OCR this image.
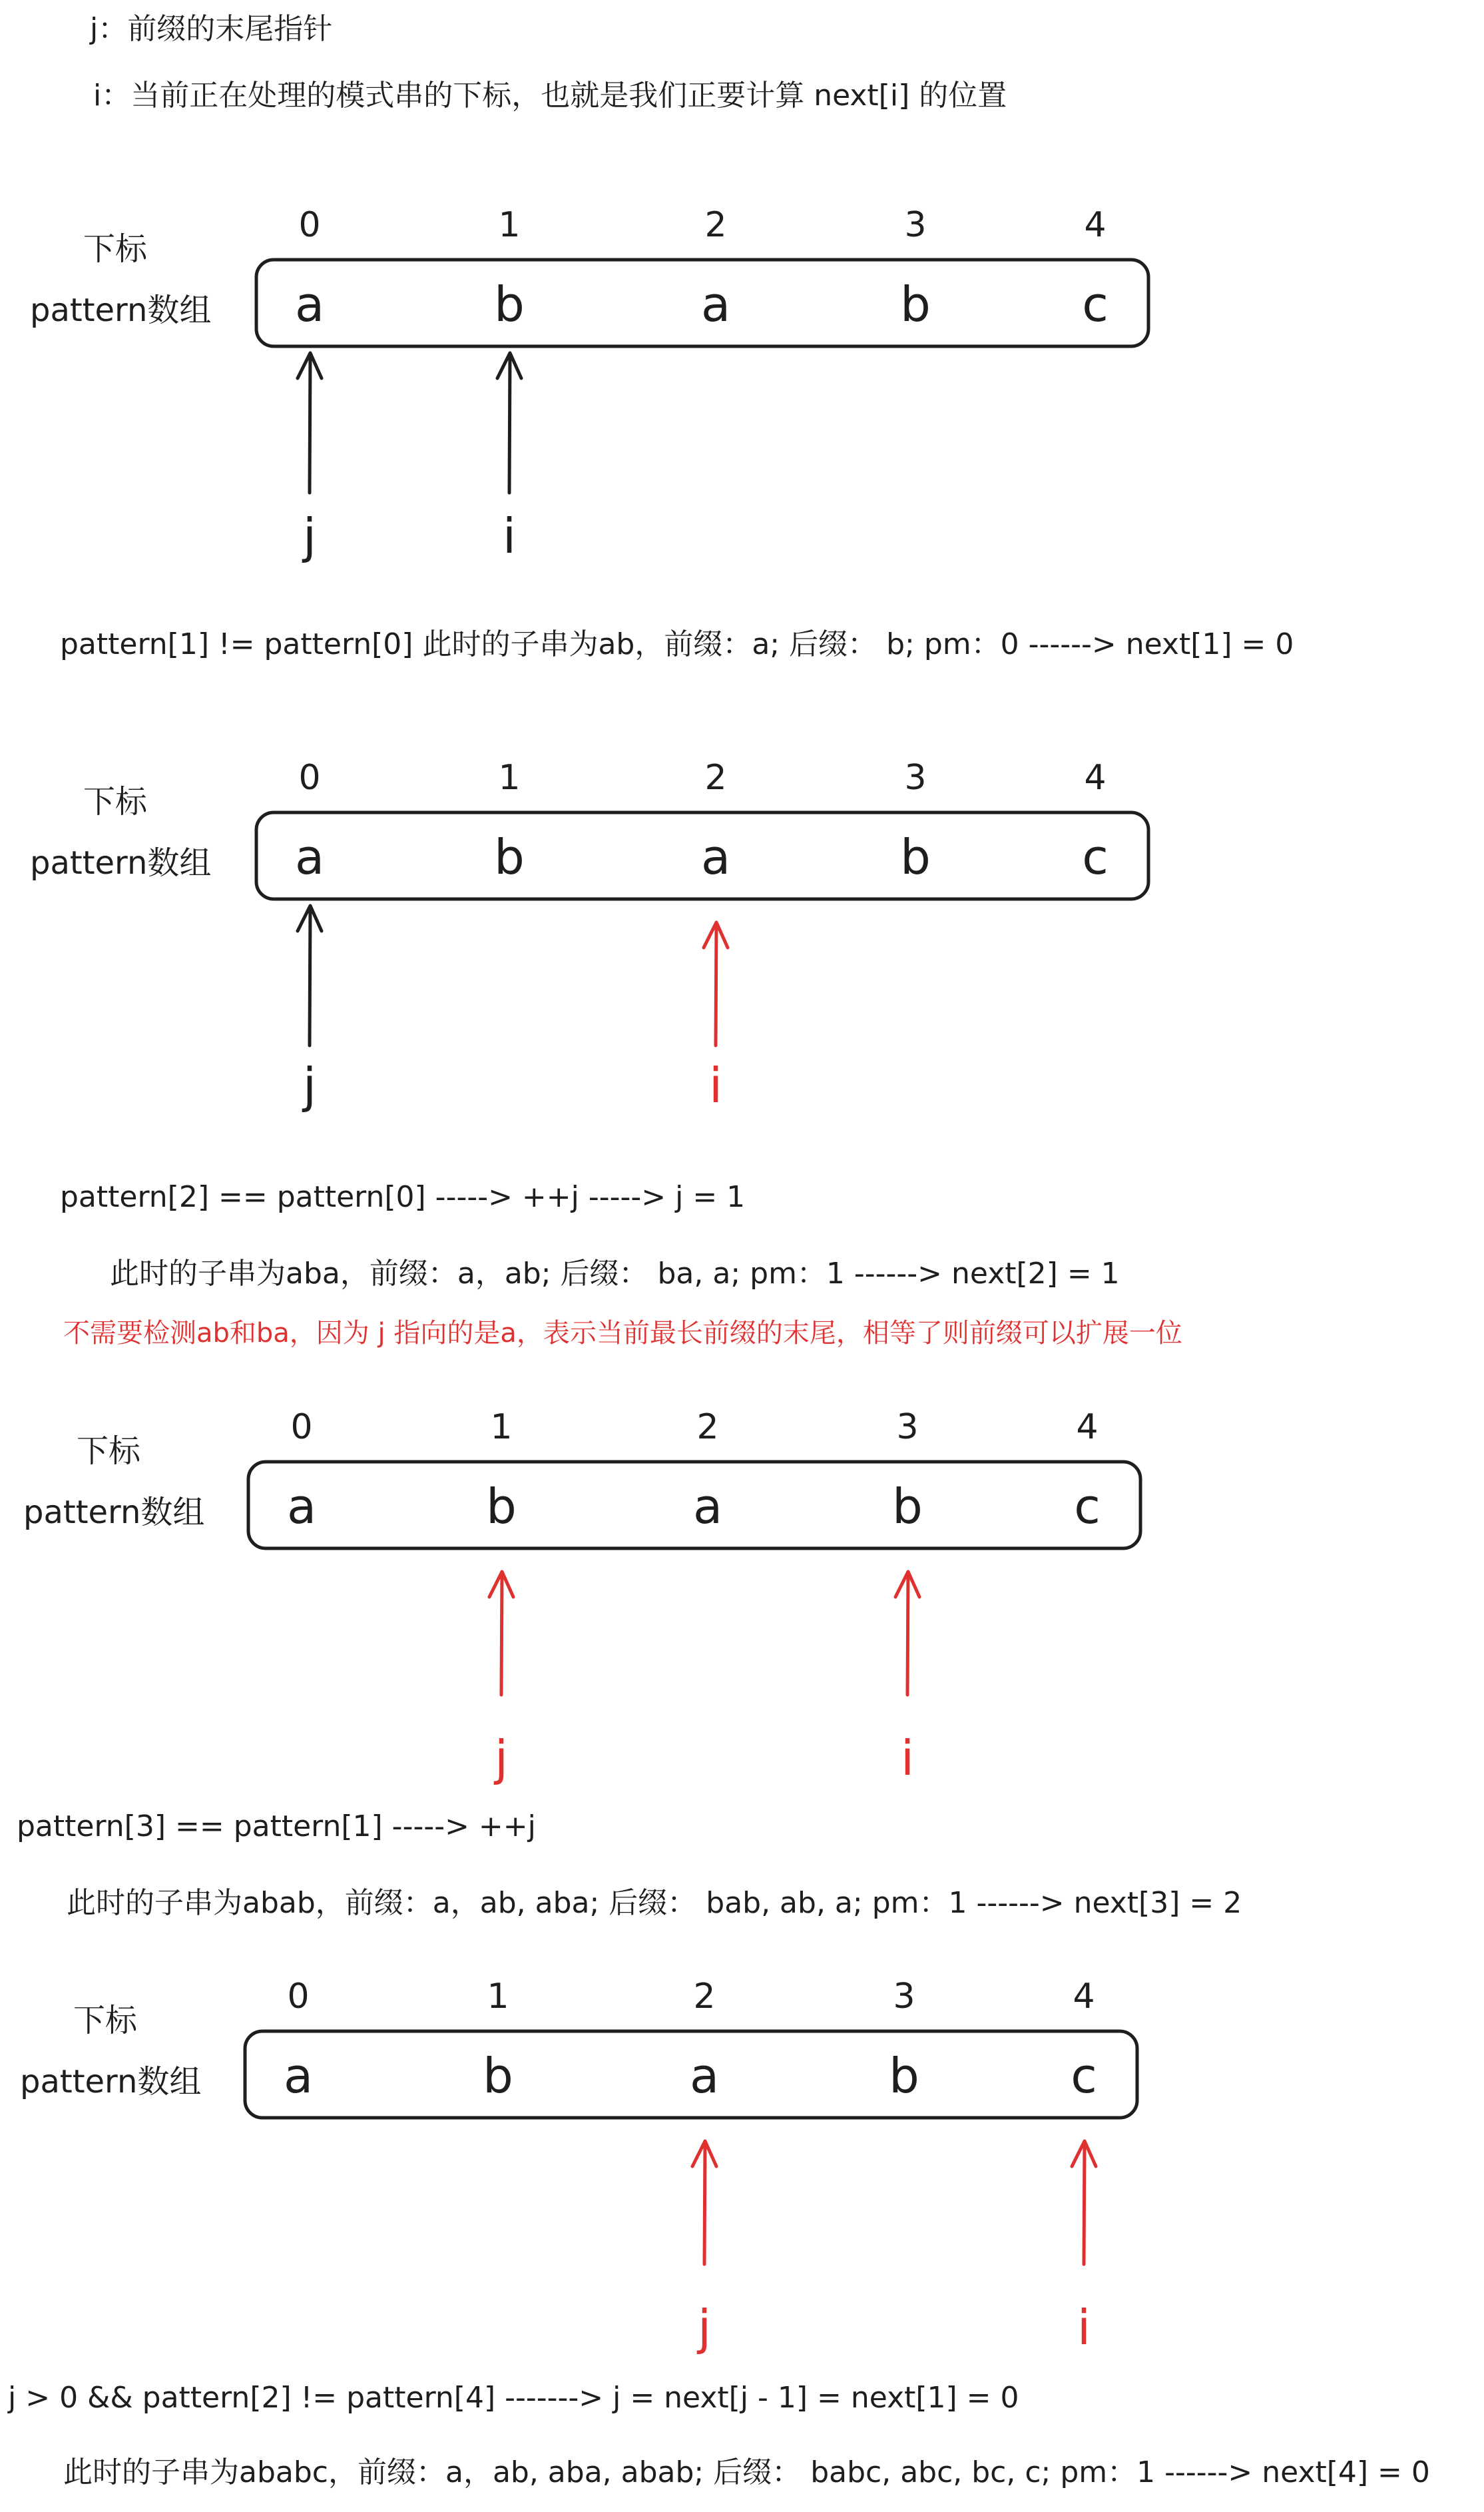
j：前缀的末尾指针
i：当前正在处理的模式串的下标，也就是我们正要计算 next[i] 的位置
下标
pattern数组
0	1	2	3	4
a	b	a	b	c
j	i
pattern[1] != pattern[0] 此时的子串为ab，前缀：a; 后缀： b; pm：0 ------> next[1] = 0
下标
pattern数组
0	1	2	3	4
a	b	a	b	c
j	i
pattern[2] == pattern[0] -----> ++j -----> j = 1
此时的子串为aba，前缀：a，ab; 后缀： ba, a; pm：1 ------> next[2] = 1
不需要检测ab和ba，因为 j 指向的是a，表示当前最长前缀的末尾，相等了则前缀可以扩展一位
下标
pattern数组
0	1	2	3	4
a	b	a	b	c
j	i
pattern[3] == pattern[1] -----> ++j
此时的子串为abab，前缀：a，ab, aba; 后缀： bab, ab, a; pm：1 ------> next[3] = 2
下标
pattern数组
0	1	2	3	4
a	b	a	b	c
j	i
j > 0 && pattern[2] != pattern[4] -------> j = next[j - 1] = next[1] = 0
此时的子串为ababc，前缀：a，ab, aba, abab; 后缀： babc, abc, bc, c; pm：1 ------> next[4] = 0
